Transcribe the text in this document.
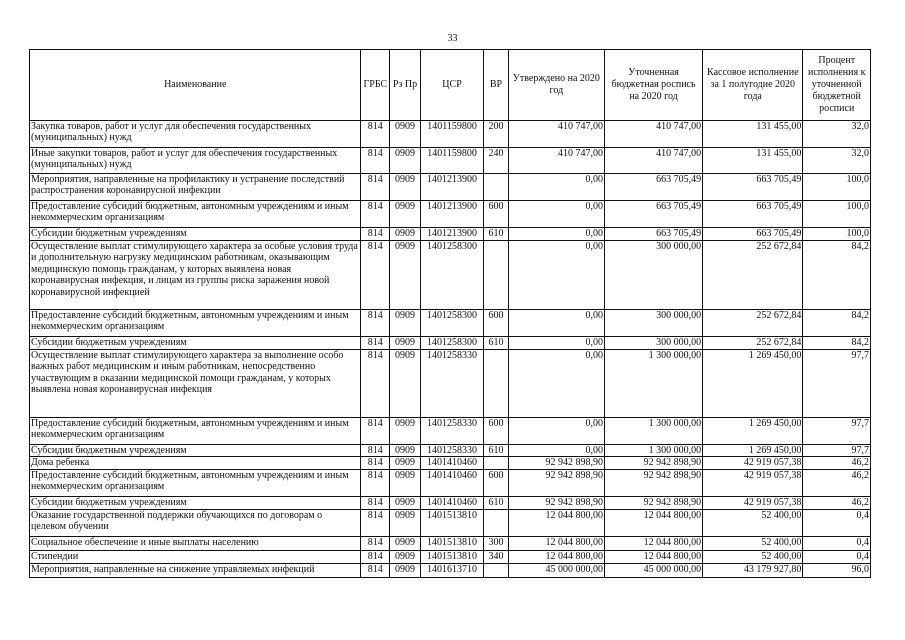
33
Наименование	ГРБС	Рз Пр	ЦСР	ВР	Утверждено на 2020 год	Уточненная бюджетная роспись на 2020 год	Кассовое исполнение за 1 полугодие 2020 года	Процент исполнения к уточненной бюджетной росписи
Закупка товаров, работ и услуг для обеспечения государственных (муниципальных) нужд	814	0909	1401159800	200	410 747,00	410 747,00	131 455,00	32,0
Иные закупки товаров, работ и услуг для обеспечения государственных (муниципальных) нужд	814	0909	1401159800	240	410 747,00	410 747,00	131 455,00	32,0
Мероприятия, направленные на профилактику и устранение последствий распространения коронавирусной инфекции	814	0909	1401213900		0,00	663 705,49	663 705,49	100,0
Предоставление субсидий бюджетным, автономным учреждениям и иным некоммерческим организациям	814	0909	1401213900	600	0,00	663 705,49	663 705,49	100,0
Субсидии бюджетным учреждениям	814	0909	1401213900	610	0,00	663 705,49	663 705,49	100,0
Осуществление выплат стимулирующего характера за особые условия труда и дополнительную нагрузку медицинским работникам, оказывающим медицинскую помощь гражданам, у которых выявлена новая коронавирусная инфекция, и лицам из группы риска заражения новой коронавирусной инфекцией	814	0909	1401258300		0,00	300 000,00	252 672,84	84,2
Предоставление субсидий бюджетным, автономным учреждениям и иным некоммерческим организациям	814	0909	1401258300	600	0,00	300 000,00	252 672,84	84,2
Субсидии бюджетным учреждениям	814	0909	1401258300	610	0,00	300 000,00	252 672,84	84,2
Осуществление выплат стимулирующего характера за выполнение особо важных работ медицинским и иным работникам, непосредственно участвующим в оказании медицинской помощи гражданам, у которых выявлена новая коронавирусная инфекция	814	0909	1401258330		0,00	1 300 000,00	1 269 450,00	97,7
Предоставление субсидий бюджетным, автономным учреждениям и иным некоммерческим организациям	814	0909	1401258330	600	0,00	1 300 000,00	1 269 450,00	97,7
Субсидии бюджетным учреждениям	814	0909	1401258330	610	0,00	1 300 000,00	1 269 450,00	97,7
Дома ребенка	814	0909	1401410460		92 942 898,90	92 942 898,90	42 919 057,38	46,2
Предоставление субсидий бюджетным, автономным учреждениям и иным некоммерческим организациям	814	0909	1401410460	600	92 942 898,90	92 942 898,90	42 919 057,38	46,2
Субсидии бюджетным учреждениям	814	0909	1401410460	610	92 942 898,90	92 942 898,90	42 919 057,38	46,2
Оказание государственной поддержки обучающихся по договорам о целевом обучении	814	0909	1401513810		12 044 800,00	12 044 800,00	52 400,00	0,4
Социальное обеспечение и иные выплаты населению	814	0909	1401513810	300	12 044 800,00	12 044 800,00	52 400,00	0,4
Стипендии	814	0909	1401513810	340	12 044 800,00	12 044 800,00	52 400,00	0,4
Мероприятия, направленные на снижение управляемых инфекций	814	0909	1401613710		45 000 000,00	45 000 000,00	43 179 927,80	96,0
